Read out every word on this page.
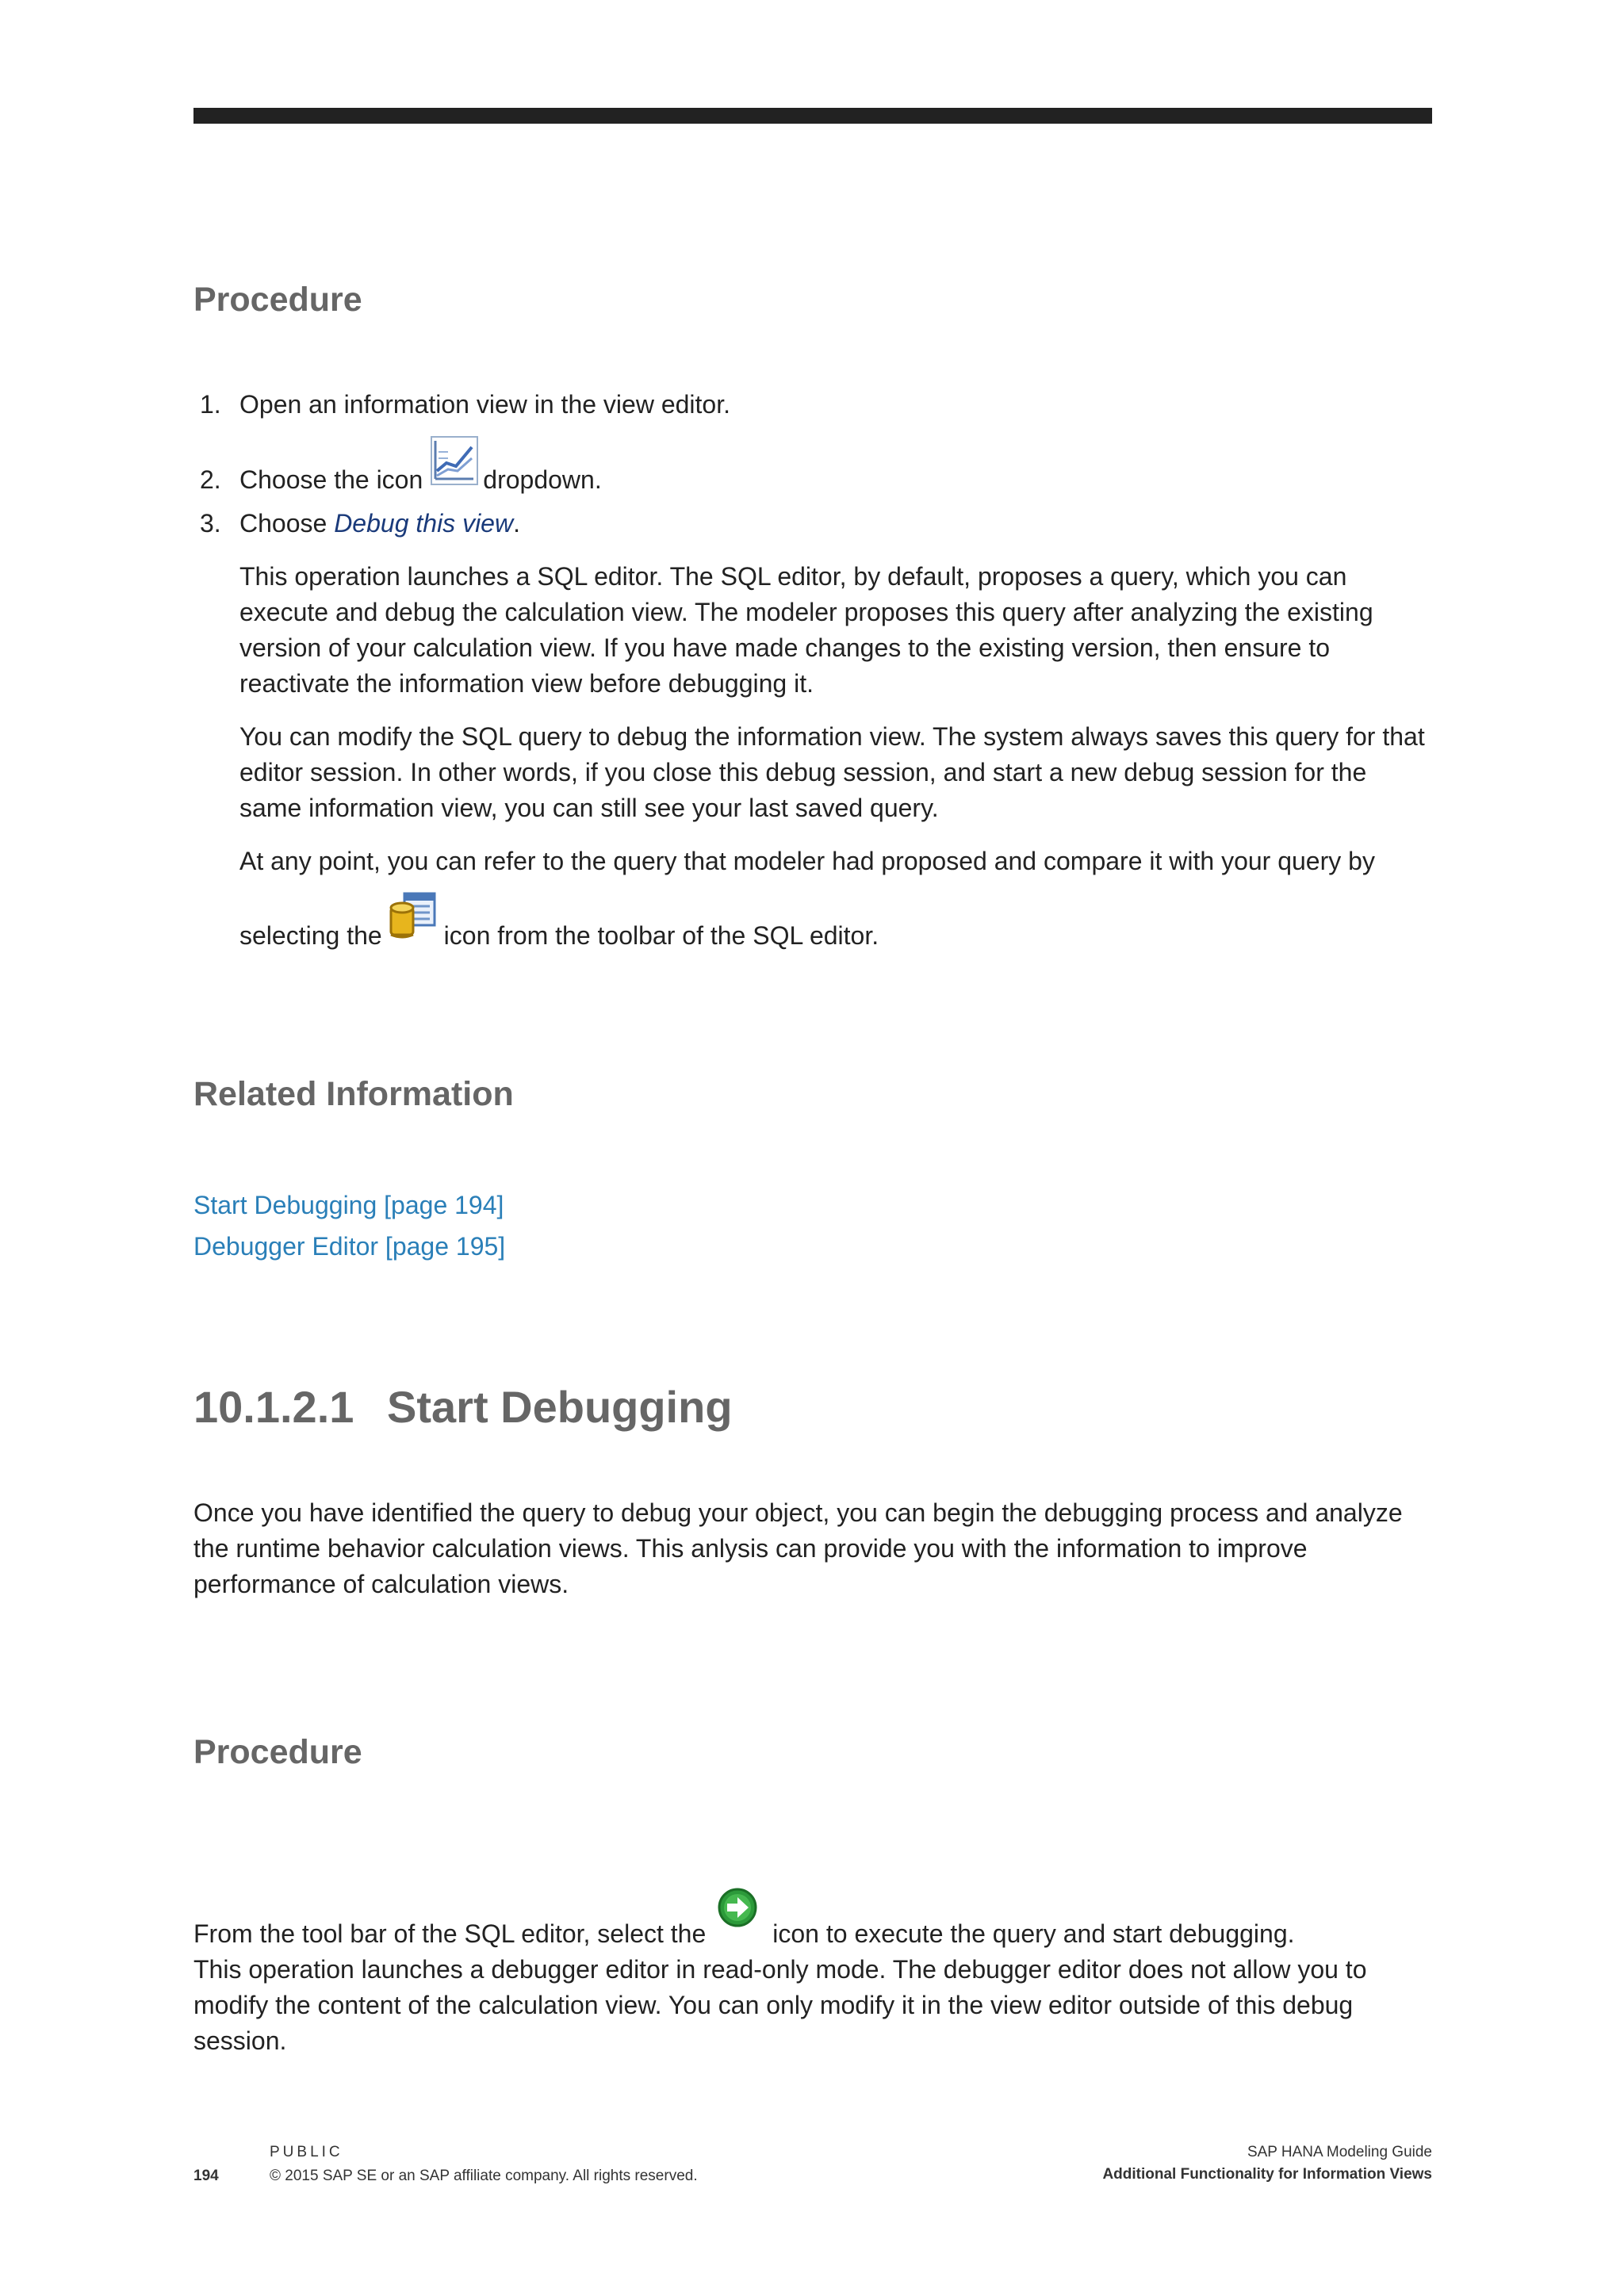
Procedure
1. Open an information view in the view editor.
2. Choose the icon dropdown.
3. Choose Debug this view.

This operation launches a SQL editor. The SQL editor, by default, proposes a query, which you can execute and debug the calculation view. The modeler proposes this query after analyzing the existing version of your calculation view. If you have made changes to the existing version, then ensure to reactivate the information view before debugging it.

You can modify the SQL query to debug the information view. The system always saves this query for that editor session. In other words, if you close this debug session, and start a new debug session for the same information view, you can still see your last saved query.

At any point, you can refer to the query that modeler had proposed and compare it with your query by

selecting the icon from the toolbar of the SQL editor.
Related Information
Start Debugging [page 194]
Debugger Editor [page 195]
10.1.2.1 Start Debugging

Once you have identified the query to debug your object, you can begin the debugging process and analyze the runtime behavior calculation views. This anlysis can provide you with the information to improve performance of calculation views.

Procedure
From the tool bar of the SQL editor, select the	icon to execute the query and start debugging.
This operation launches a debugger editor in read-only mode. The debugger editor does not allow you to modify the content of the calculation view. You can only modify it in the view editor outside of this debug session.
PUBLIC
194	© 2015 SAP SE or an SAP affiliate company. All rights reserved.
SAP HANA Modeling Guide
Additional Functionality for Information Views
